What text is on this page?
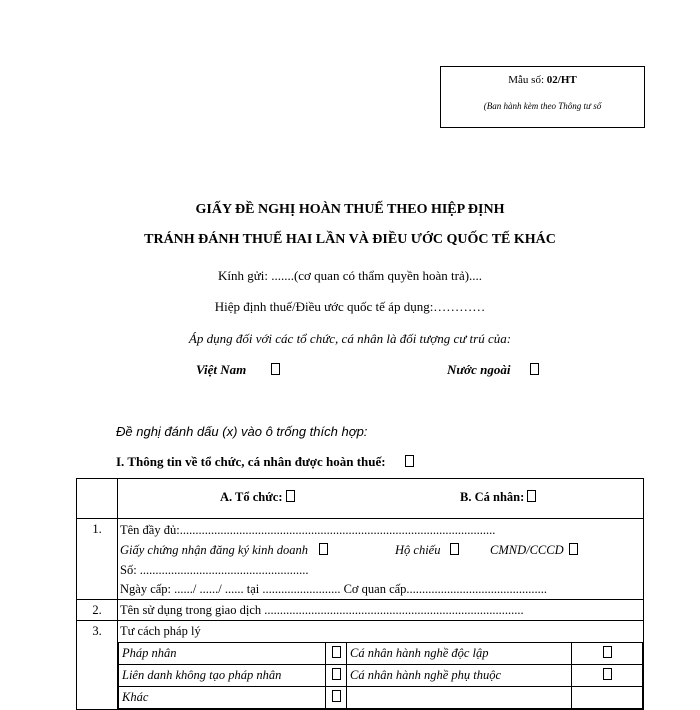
Mẫu số: 02/HT
(Ban hành kèm theo Thông tư số
GIẤY ĐỀ NGHỊ HOÀN THUẾ THEO HIỆP ĐỊNH
TRÁNH ĐÁNH THUẾ HAI LẦN VÀ ĐIỀU ƯỚC QUỐC TẾ KHÁC
Kính gửi: .......(cơ quan có thẩm quyền hoàn trả)....
Hiệp định thuế/Điều ước quốc tế áp dụng:…………
Áp dụng đối với các tổ chức, cá nhân là đối tượng cư trú của:
Việt Nam	Nước ngoài
Đề nghị đánh dấu (x) vào ô trống thích hợp:
I. Thông tin về tổ chức, cá nhân được hoàn thuế:

A. Tổ chức:	B. Cá nhân:

1.	Tên đầy đủ:.....................................................................................................
Giấy chứng nhận đăng ký kinh doanh	Hộ chiếu	CMND/CCCD
Số: ......................................................
Ngày cấp: ....../ ....../ ...... tại ......................... Cơ quan cấp.............................................

2.	Tên sử dụng trong giao dịch ...................................................................................

3.	Tư cách pháp lý
Pháp nhân		Cá nhân hành nghề độc lập	
Liên danh không tạo pháp nhân		Cá nhân hành nghề phụ thuộc	
Khác			
